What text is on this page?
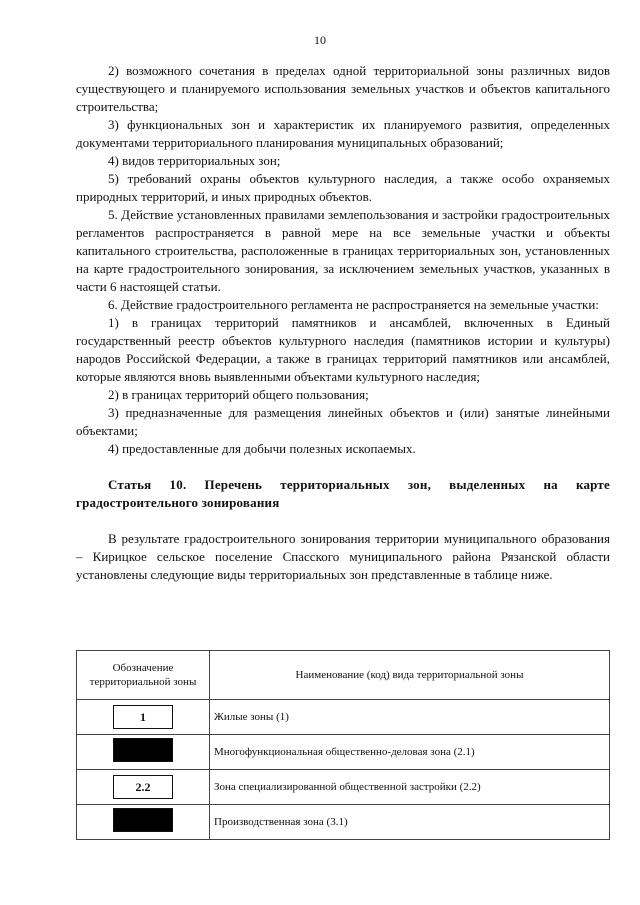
10

2) возможного сочетания в пределах одной территориальной зоны различных видов существующего и планируемого использования земельных участков и объектов капитального строительства;

3) функциональных зон и характеристик их планируемого развития, определенных документами территориального планирования муниципальных образований;

4) видов территориальных зон;

5) требований охраны объектов культурного наследия, а также особо охраняемых природных территорий, и иных природных объектов.

5. Действие установленных правилами землепользования и застройки градостроительных регламентов распространяется в равной мере на все земельные участки и объекты капитального строительства, расположенные в границах территориальных зон, установленных на карте градостроительного зонирования, за исключением земельных участков, указанных в части 6 настоящей статьи.

6. Действие градостроительного регламента не распространяется на земельные участки:

1) в границах территорий памятников и ансамблей, включенных в Единый государственный реестр объектов культурного наследия (памятников истории и культуры) народов Российской Федерации, а также в границах территорий памятников или ансамблей, которые являются вновь выявленными объектами культурного наследия;

2) в границах территорий общего пользования;

3) предназначенные для размещения линейных объектов и (или) занятые линейными объектами;

4) предоставленные для добычи полезных ископаемых.

Статья 10. Перечень территориальных зон, выделенных на карте градостроительного зонирования

В результате градостроительного зонирования территории муниципального образования – Кирицкое сельское поселение Спасского муниципального района Рязанской области установлены следующие виды территориальных зон представленные в таблице ниже.

Обозначение территориальной зоны	Наименование (код) вида территориальной зоны
1	Жилые зоны (1)
	Многофункциональная общественно-деловая зона (2.1)
2.2	Зона специализированной общественной застройки (2.2)
	Производственная зона (3.1)
